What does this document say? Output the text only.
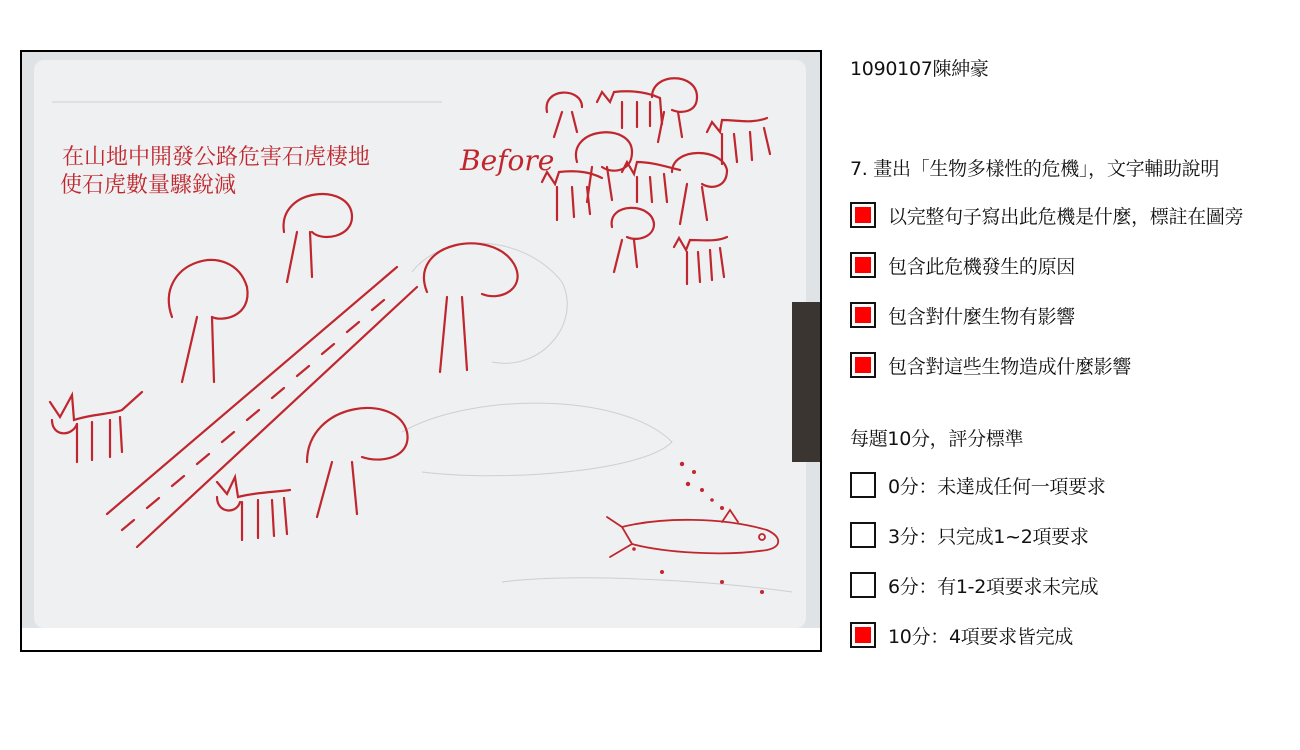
在山地中開發公路危害石虎棲地
使石虎數量驟銳減
Before
1090107陳紳豪
7. 畫出「生物多樣性的危機」，文字輔助說明
以完整句子寫出此危機是什麼，標註在圖旁
包含此危機發生的原因
包含對什麼生物有影響
包含對這些生物造成什麼影響
每題10分，評分標準
0分：未達成任何一項要求
3分：只完成1~2項要求
6分：有1-2項要求未完成
10分：4項要求皆完成
